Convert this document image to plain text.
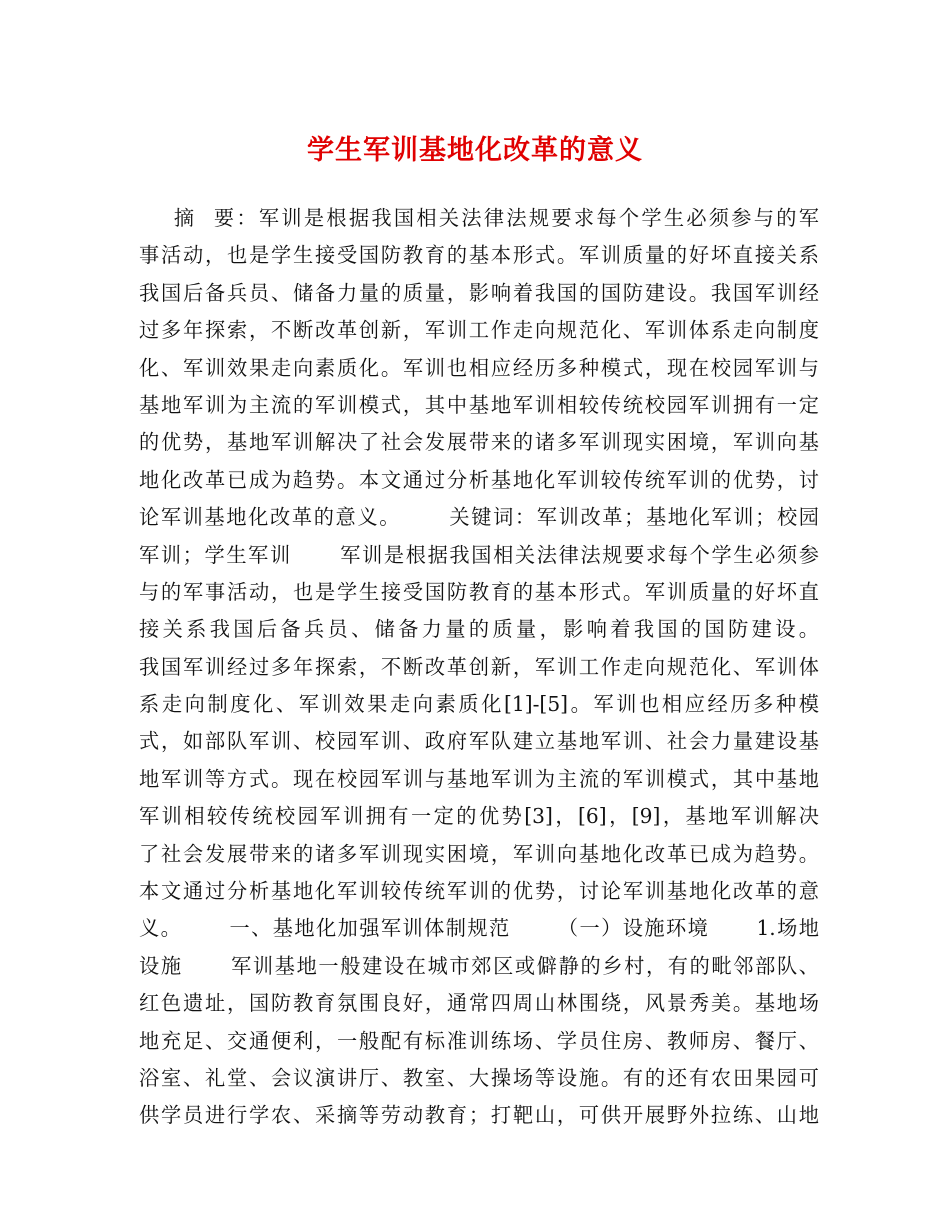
学生军训基地化改革的意义
摘  要：军训是根据我国相关法律法规要求每个学生必须参与的军
事活动，也是学生接受国防教育的基本形式。军训质量的好坏直接关系
我国后备兵员、储备力量的质量，影响着我国的国防建设。我国军训经
过多年探索，不断改革创新，军训工作走向规范化、军训体系走向制度
化、军训效果走向素质化。军训也相应经历多种模式，现在校园军训与
基地军训为主流的军训模式，其中基地军训相较传统校园军训拥有一定
的优势，基地军训解决了社会发展带来的诸多军训现实困境，军训向基
地化改革已成为趋势。本文通过分析基地化军训较传统军训的优势，讨
论军训基地化改革的意义。      关键词：军训改革；基地化军训；校园
军训；学生军训      军训是根据我国相关法律法规要求每个学生必须参
与的军事活动，也是学生接受国防教育的基本形式。军训质量的好坏直
接关系我国后备兵员、储备力量的质量，影响着我国的国防建设。
我国军训经过多年探索，不断改革创新，军训工作走向规范化、军训体
系走向制度化、军训效果走向素质化[1]-[5]。军训也相应经历多种模
式，如部队军训、校园军训、政府军队建立基地军训、社会力量建设基
地军训等方式。现在校园军训与基地军训为主流的军训模式，其中基地
军训相较传统校园军训拥有一定的优势[3]，[6]，[9]，基地军训解决
了社会发展带来的诸多军训现实困境，军训向基地化改革已成为趋势。
本文通过分析基地化军训较传统军训的优势，讨论军训基地化改革的意
义。      一、基地化加强军训体制规范      （一）设施环境      1.场地
设施      军训基地一般建设在城市郊区或僻静的乡村，有的毗邻部队、
红色遗址，国防教育氛围良好，通常四周山林围绕，风景秀美。基地场
地充足、交通便利，一般配有标准训练场、学员住房、教师房、餐厅、
浴室、礼堂、会议演讲厅、教室、大操场等设施。有的还有农田果园可
供学员进行学农、采摘等劳动教育；打靶山，可供开展野外拉练、山地
